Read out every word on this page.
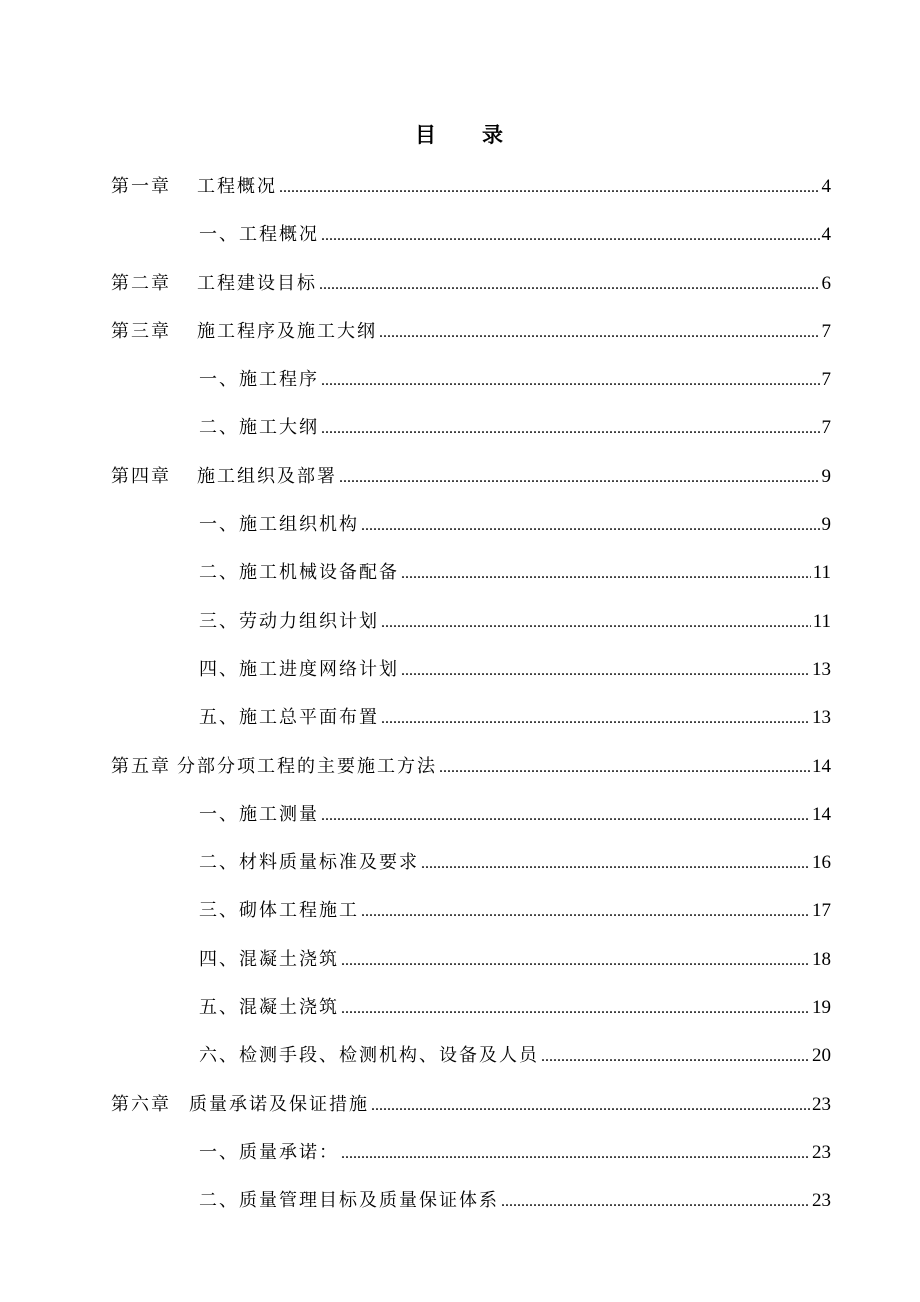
目 录
第一章 工程概况 .....	4
一、工程概况 .....	4
第二章 工程建设目标 .....	6
第三章 施工程序及施工大纲 .....	7
一、施工程序 .....	7
二、施工大纲 .....	7
第四章 施工组织及部署 .....	9
一、施工组织机构 .....	9
二、施工机械设备配备 .....	11
三、劳动力组织计划 .....	11
四、施工进度网络计划 .....	13
五、施工总平面布置 .....	13
第五章 分部分项工程的主要施工方法 .....	14
一、施工测量 .....	14
二、材料质量标准及要求 .....	16
三、砌体工程施工 .....	17
四、混凝土浇筑 .....	18
五、混凝土浇筑 .....	19
六、检测手段、检测机构、设备及人员 .....	20
第六章 质量承诺及保证措施 .....	23
一、质量承诺： .....	23
二、质量管理目标及质量保证体系 .....	23
